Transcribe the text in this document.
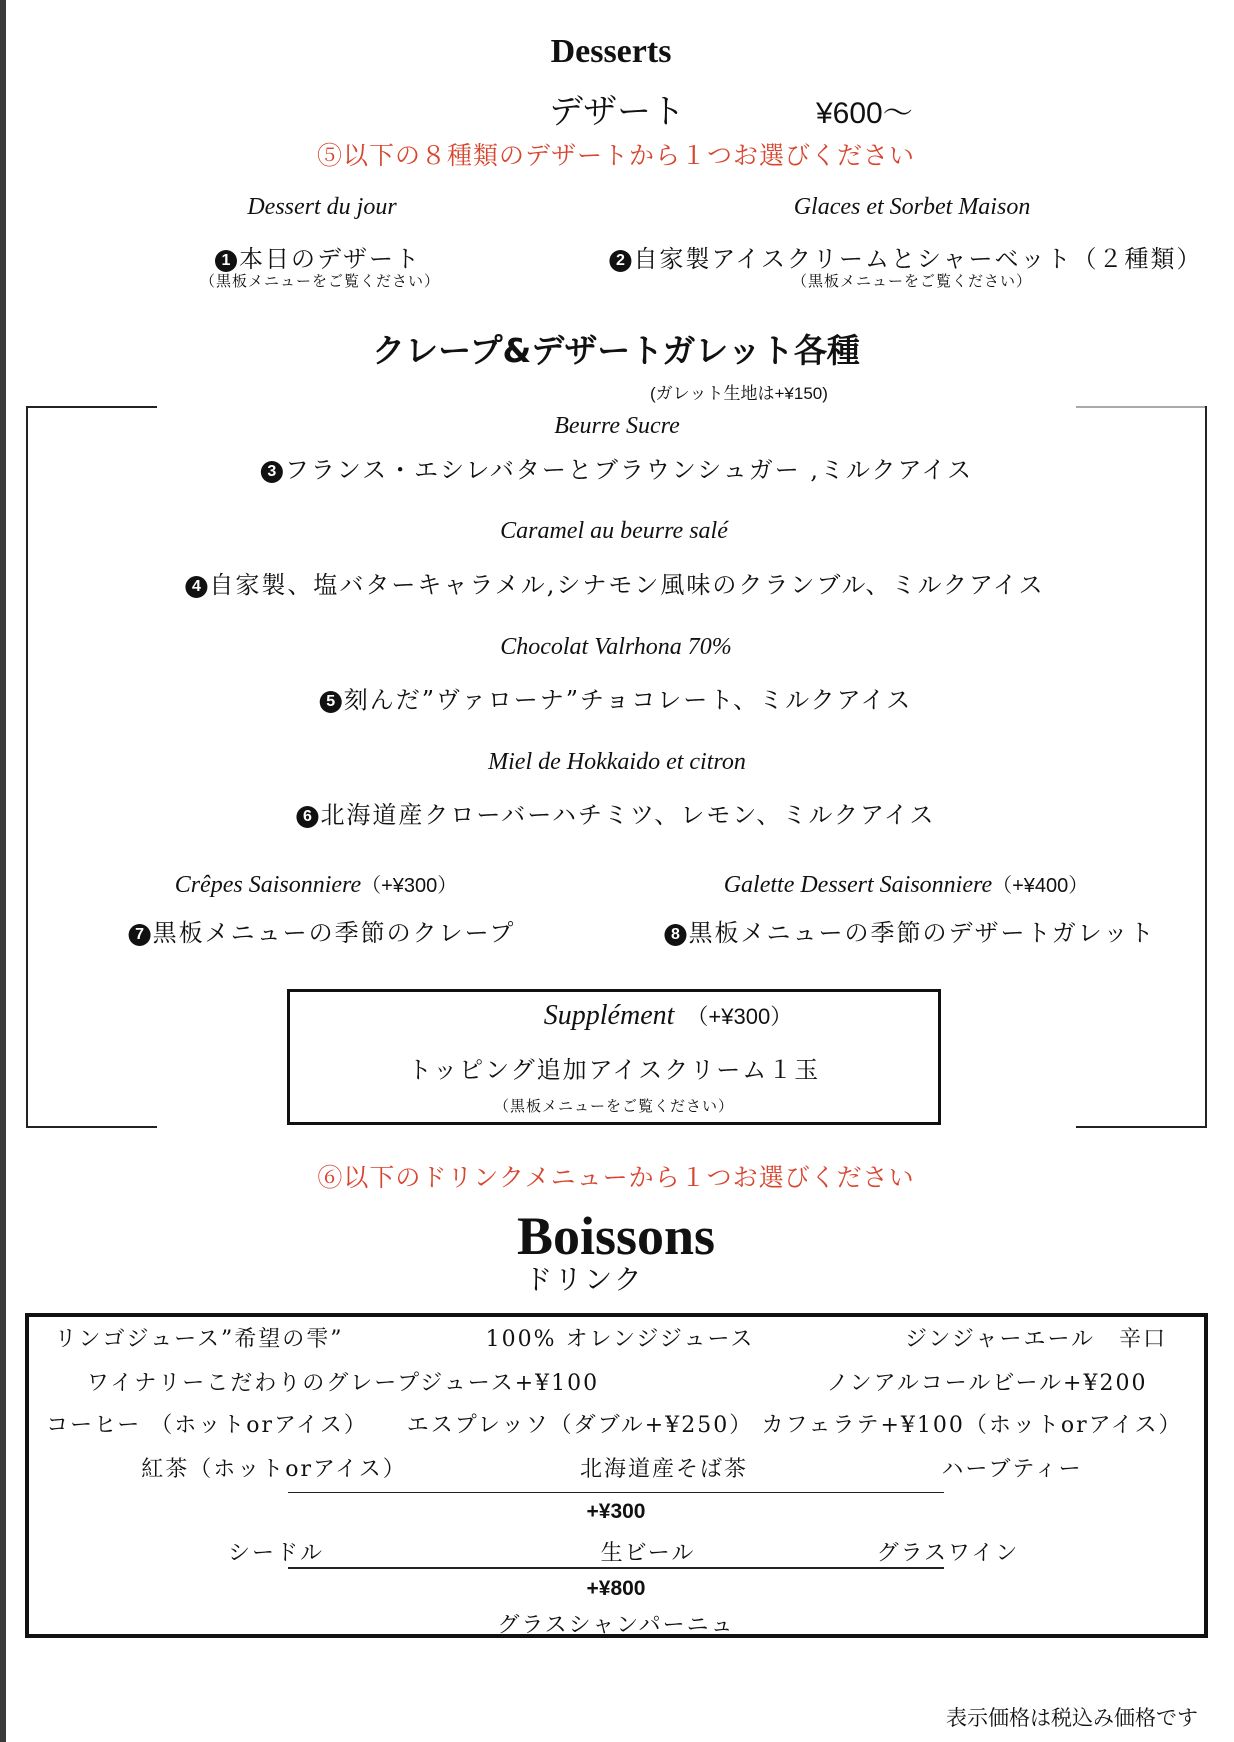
Desserts
デザート	¥600〜
⑤以下の８種類のデザートから１つお選びください
Dessert du jour
1 本日のデザート
（黒板メニューをご覧ください）
Glaces et Sorbet Maison
2 自家製アイスクリームとシャーベット（２種類）
（黒板メニューをご覧ください）
クレープ&デザートガレット各種
(ガレット生地は+¥150)
Beurre Sucre
3 フランス・エシレバターとブラウンシュガー ,ミルクアイス
Caramel au beurre salé
4 自家製、塩バターキャラメル,シナモン風味のクランブル、ミルクアイス
Chocolat Valrhona 70%
5 刻んだ”ヴァローナ”チョコレート、ミルクアイス
Miel de Hokkaido et citron
6 北海道産クローバーハチミツ、レモン、ミルクアイス
Crêpes Saisonniere（+¥300）
7 黒板メニューの季節のクレープ
Galette Dessert Saisonniere（+¥400）
8 黒板メニューの季節のデザートガレット
Supplément （+¥300）
トッピング追加アイスクリーム１玉
（黒板メニューをご覧ください）
⑥以下のドリンクメニューから１つお選びください
Boissons
ドリンク
リンゴジュース”希望の雫”	100% オレンジジュース	ジンジャーエール　辛口
ワイナリーこだわりのグレープジュース+¥100	ノンアルコールビール+¥200
コーヒー （ホットorアイス） エスプレッソ（ダブル+¥250） カフェラテ+¥100（ホットorアイス）
紅茶（ホットorアイス）	北海道産そば茶	ハーブティー
+¥300
シードル	生ビール	グラスワイン
+¥800
グラスシャンパーニュ
表示価格は税込み価格です
